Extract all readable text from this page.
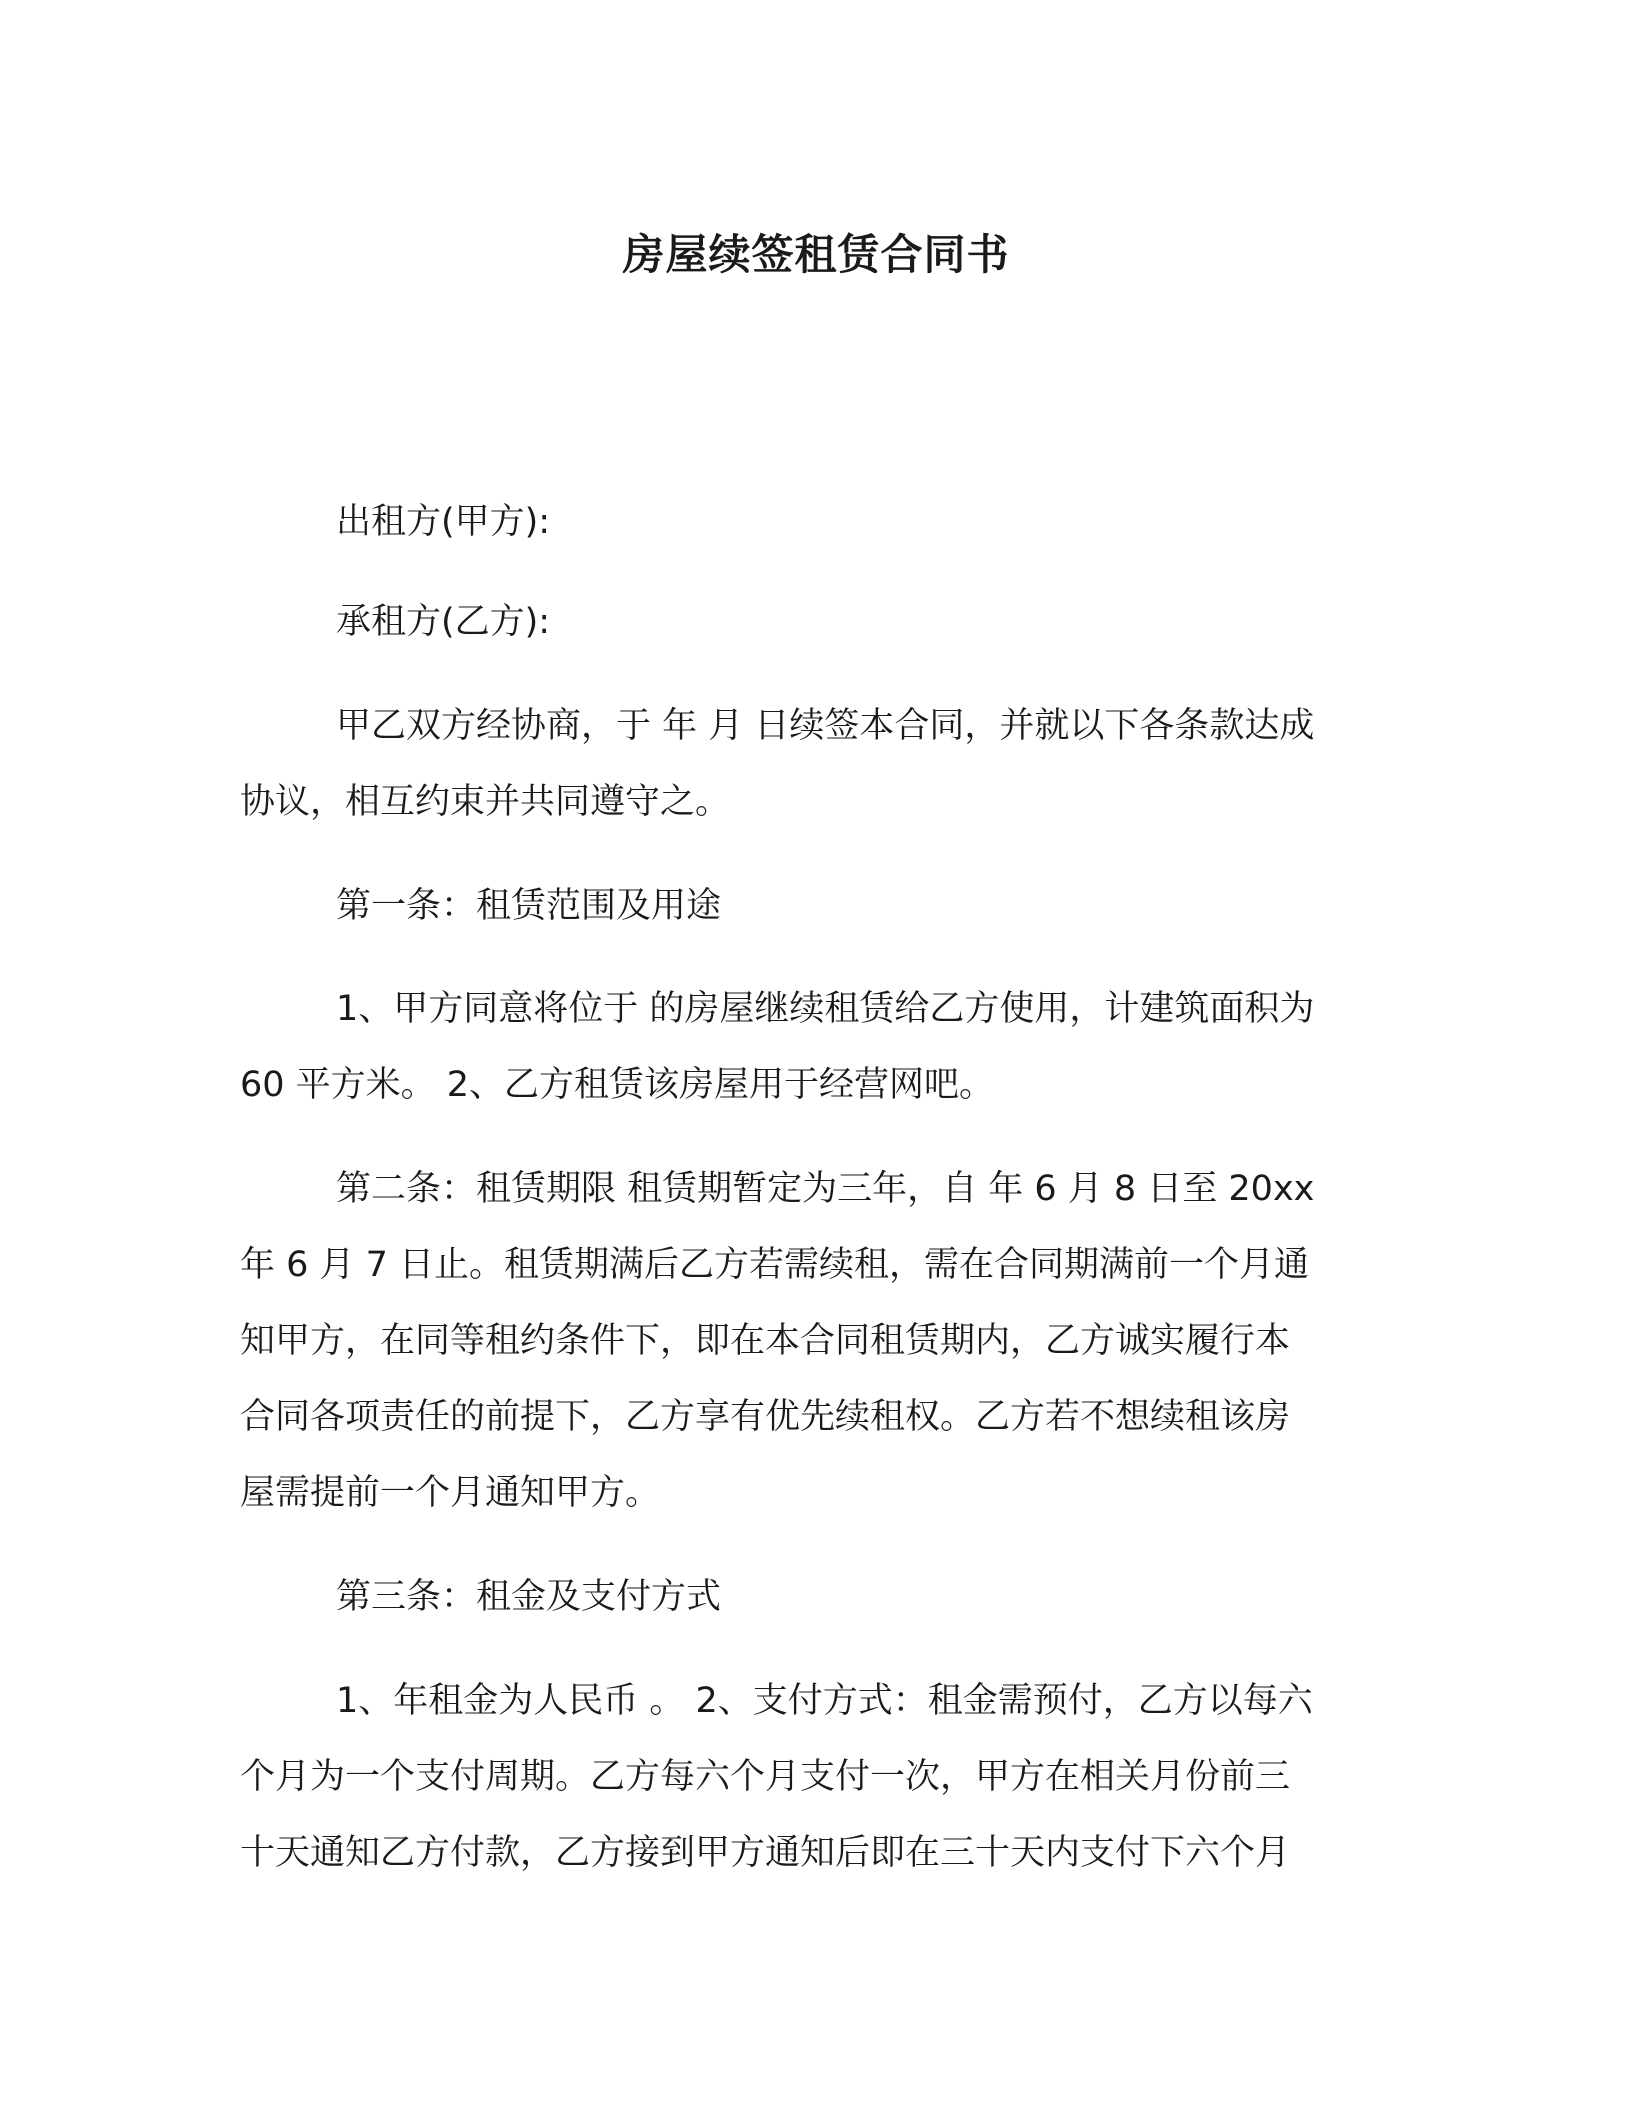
房屋续签租赁合同书
出租方(甲方):
承租方(乙方):
甲乙双方经协商，于 年 月 日续签本合同，并就以下各条款达成
协议，相互约束并共同遵守之。
第一条：租赁范围及用途
1、甲方同意将位于 的房屋继续租赁给乙方使用，计建筑面积为
60 平方米。 2、乙方租赁该房屋用于经营网吧。
第二条：租赁期限 租赁期暂定为三年，自 年 6 月 8 日至 20xx
年 6 月 7 日止。租赁期满后乙方若需续租，需在合同期满前一个月通
知甲方，在同等租约条件下，即在本合同租赁期内，乙方诚实履行本
合同各项责任的前提下，乙方享有优先续租权。乙方若不想续租该房
屋需提前一个月通知甲方。
第三条：租金及支付方式
1、年租金为人民币 。 2、支付方式：租金需预付，乙方以每六
个月为一个支付周期。乙方每六个月支付一次，甲方在相关月份前三
十天通知乙方付款，乙方接到甲方通知后即在三十天内支付下六个月
